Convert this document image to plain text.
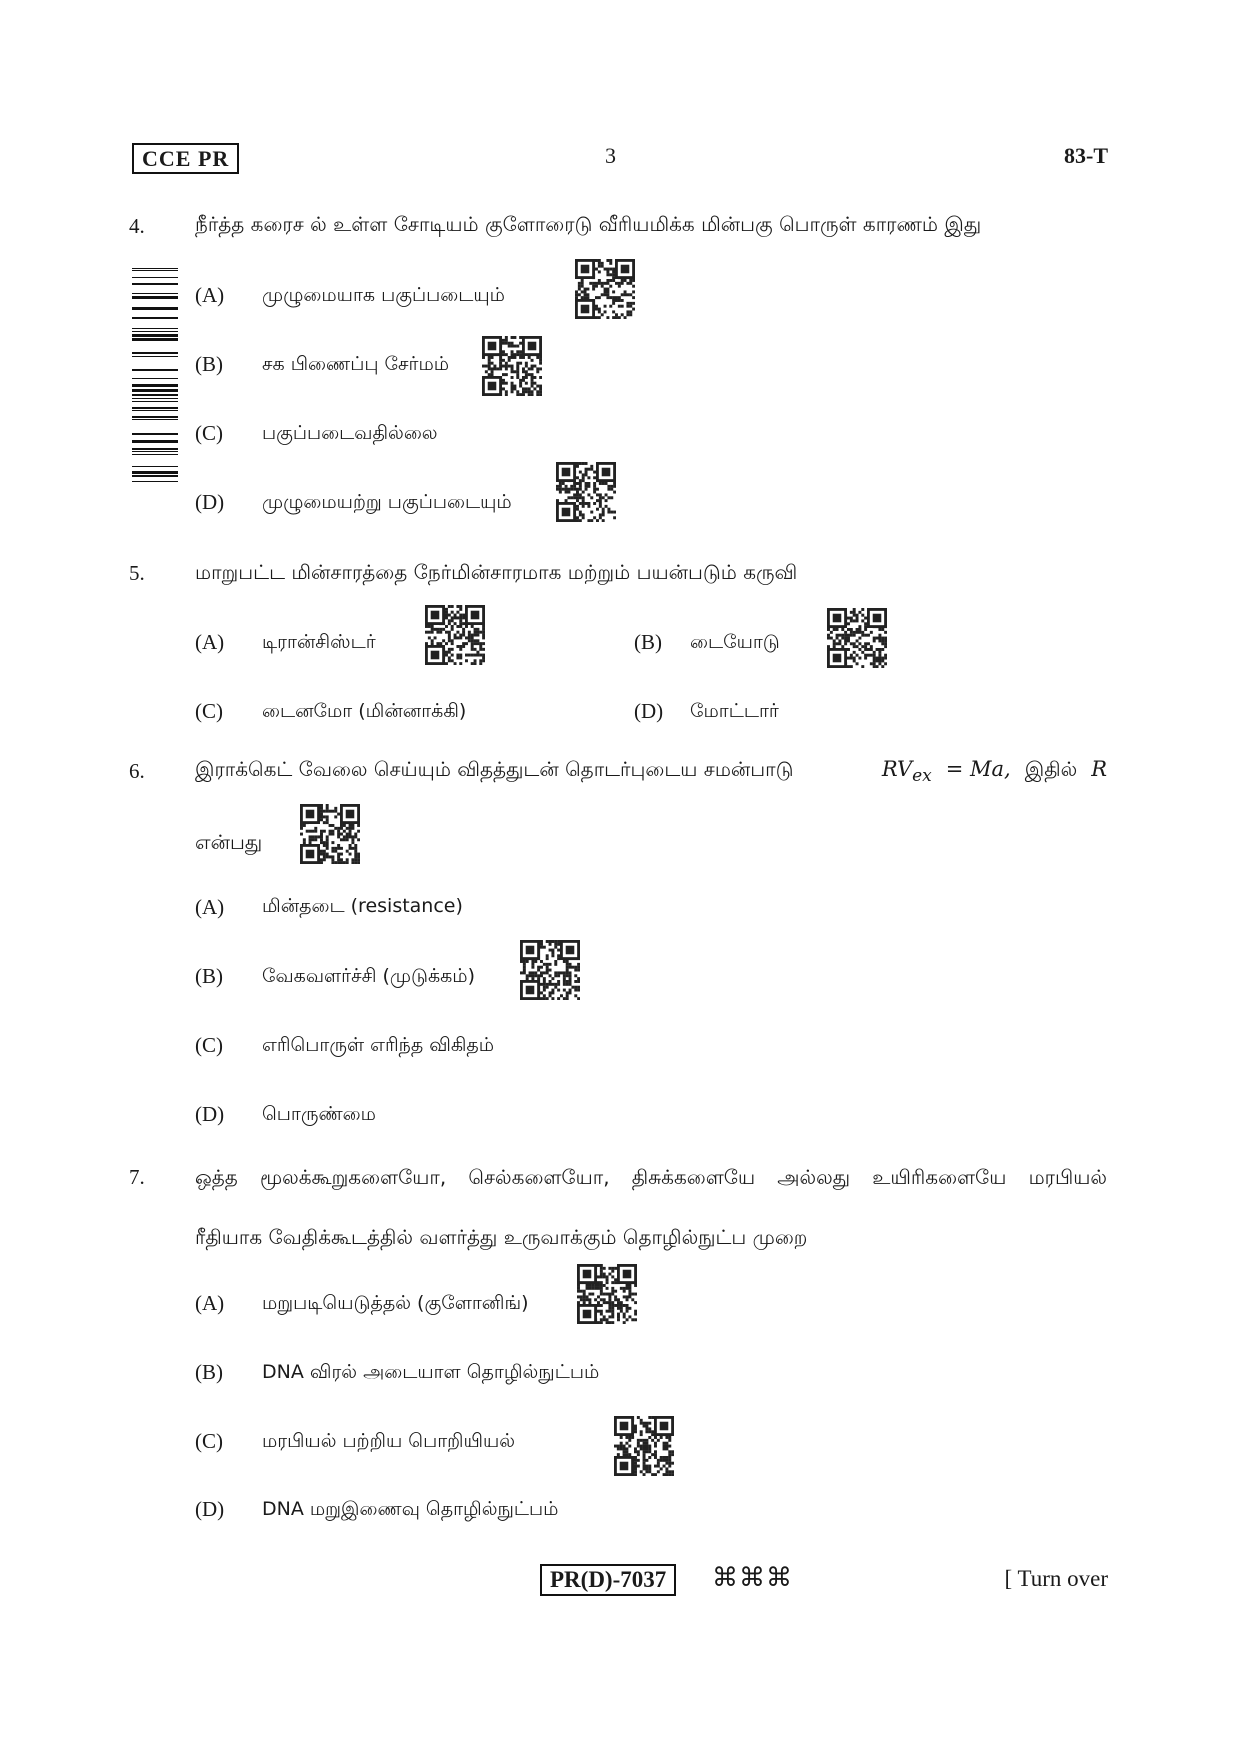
CCE PR	3	83-T
4.	நீர்த்த கரைச ல் உள்ள சோடியம் குளோரைடு வீரியமிக்க மின்பகு பொருள் காரணம் இது
(A) முழுமையாக பகுப்படையும்
(B) சக பிணைப்பு சேர்மம்
(C) பகுப்படைவதில்லை
(D) முழுமையற்று பகுப்படையும்
5.	மாறுபட்ட மின்சாரத்தை நேர்மின்சாரமாக மற்றும் பயன்படும் கருவி
(A) டிரான்சிஸ்டர்	(B) டையோடு
(C) டைனமோ (மின்னாக்கி)	(D) மோட்டார்
6.	இராக்கெட் வேலை செய்யும் விதத்துடன் தொடர்புடைய சமன்பாடு	$RV_{ex} = Ma$, இதில் R
என்பது
(A) மின்தடை (resistance)
(B) வேகவளர்ச்சி (முடுக்கம்)
(C) எரிபொருள் எரிந்த விகிதம்
(D) பொருண்மை
7.	ஒத்த மூலக்கூறுகளையோ, செல்களையோ, திசுக்களையே அல்லது உயிரிகளையே மரபியல்
ரீதியாக வேதிக்கூடத்தில் வளர்த்து உருவாக்கும் தொழில்நுட்ப முறை
(A) மறுபடியெடுத்தல் (குளோனிங்)
(B) DNA விரல் அடையாள தொழில்நுட்பம்
(C) மரபியல் பற்றிய பொறியியல்
(D) DNA மறுஇணைவு தொழில்நுட்பம்
PR(D)-7037	⌘⌘⌘	[ Turn over
